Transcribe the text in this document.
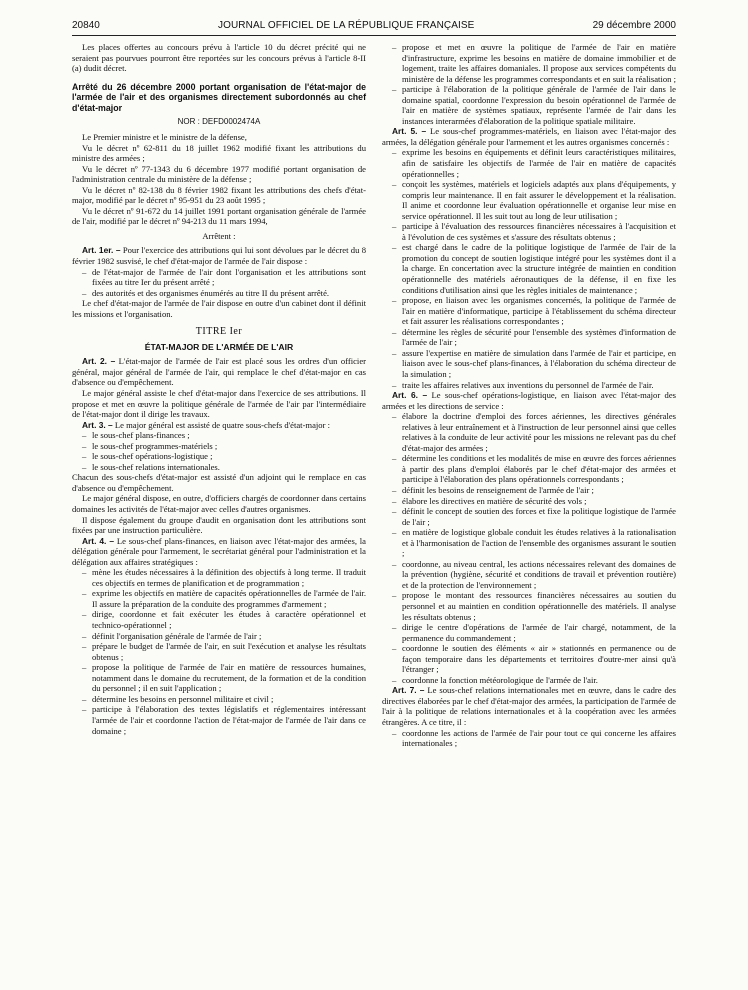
20840	JOURNAL OFFICIEL DE LA RÉPUBLIQUE FRANÇAISE	29 décembre 2000

Les places offertes au concours prévu à l'article 10 du décret précité qui ne seraient pas pourvues pourront être reportées sur les concours prévus à l'article 8-II (a) dudit décret.

Arrêté du 26 décembre 2000 portant organisation de l'état-major de l'armée de l'air et des organismes directement subordonnés au chef d'état-major

NOR : DEFD0002474A

Le Premier ministre et le ministre de la défense,

Vu le décret nº 62-811 du 18 juillet 1962 modifié fixant les attributions du ministre des armées ;

Vu le décret nº 77-1343 du 6 décembre 1977 modifié portant organisation de l'administration centrale du ministère de la défense ;

Vu le décret nº 82-138 du 8 février 1982 fixant les attributions des chefs d'état-major, modifié par le décret nº 95-951 du 23 août 1995 ;

Vu le décret nº 91-672 du 14 juillet 1991 portant organisation générale de l'armée de l'air, modifié par le décret nº 94-213 du 11 mars 1994,

Arrêtent :

Art. 1er. – Pour l'exercice des attributions qui lui sont dévolues par le décret du 8 février 1982 susvisé, le chef d'état-major de l'armée de l'air dispose :

– de l'état-major de l'armée de l'air dont l'organisation et les attributions sont fixées au titre Ier du présent arrêté ;
– des autorités et des organismes énumérés au titre II du présent arrêté.

Le chef d'état-major de l'armée de l'air dispose en outre d'un cabinet dont il définit les missions et l'organisation.

TITRE Ier

ÉTAT-MAJOR DE L'ARMÉE DE L'AIR

Art. 2. – L'état-major de l'armée de l'air est placé sous les ordres d'un officier général, major général de l'armée de l'air, qui remplace le chef d'état-major en cas d'absence ou d'empêchement.

Le major général assiste le chef d'état-major dans l'exercice de ses attributions. Il propose et met en œuvre la politique générale de l'armée de l'air par l'intermédiaire de l'état-major dont il dirige les travaux.

Art. 3. – Le major général est assisté de quatre sous-chefs d'état-major :

– le sous-chef plans-finances ;
– le sous-chef programmes-matériels ;
– le sous-chef opérations-logistique ;
– le sous-chef relations internationales.

Chacun des sous-chefs d'état-major est assisté d'un adjoint qui le remplace en cas d'absence ou d'empêchement.

Le major général dispose, en outre, d'officiers chargés de coordonner dans certains domaines les activités de l'état-major avec celles d'autres organismes.

Il dispose également du groupe d'audit en organisation dont les attributions sont fixées par une instruction particulière.

Art. 4. – Le sous-chef plans-finances, en liaison avec l'état-major des armées, la délégation générale pour l'armement, le secrétariat général pour l'administration et la délégation aux affaires stratégiques :

– mène les études nécessaires à la définition des objectifs à long terme. Il traduit ces objectifs en termes de planification et de programmation ;
– exprime les objectifs en matière de capacités opérationnelles de l'armée de l'air. Il assure la préparation de la conduite des programmes d'armement ;
– dirige, coordonne et fait exécuter les études à caractère opérationnel et technico-opérationnel ;
– définit l'organisation générale de l'armée de l'air ;
– prépare le budget de l'armée de l'air, en suit l'exécution et analyse les résultats obtenus ;
– propose la politique de l'armée de l'air en matière de ressources humaines, notamment dans le domaine du recrutement, de la formation et de la condition du personnel ; il en suit l'application ;
– détermine les besoins en personnel militaire et civil ;
– participe à l'élaboration des textes législatifs et réglementaires intéressant l'armée de l'air et coordonne l'action de l'état-major de l'armée de l'air dans ce domaine ;
– propose et met en œuvre la politique de l'armée de l'air en matière d'infrastructure, exprime les besoins en matière de domaine immobilier et de logement, traite les affaires domaniales. Il propose aux services compétents du ministère de la défense les programmes correspondants et en suit la réalisation ;
– participe à l'élaboration de la politique générale de l'armée de l'air dans le domaine spatial, coordonne l'expression du besoin opérationnel de l'armée de l'air en matière de systèmes spatiaux, représente l'armée de l'air dans les instances interarmées d'élaboration de la politique spatiale militaire.

Art. 5. – Le sous-chef programmes-matériels, en liaison avec l'état-major des armées, la délégation générale pour l'armement et les autres organismes concernés :

– exprime les besoins en équipements et définit leurs caractéristiques militaires, afin de satisfaire les objectifs de l'armée de l'air en matière de capacités opérationnelles ;
– conçoit les systèmes, matériels et logiciels adaptés aux plans d'équipements, y compris leur maintenance. Il en fait assurer le développement et la réalisation. Il anime et coordonne leur évaluation opérationnelle et organise leur mise en service opérationnel. Il les suit tout au long de leur utilisation ;
– participe à l'évaluation des ressources financières nécessaires à l'acquisition et à l'évolution de ces systèmes et s'assure des résultats obtenus ;
– est chargé dans le cadre de la politique logistique de l'armée de l'air de la promotion du concept de soutien logistique intégré pour les systèmes dont il a la charge. En concertation avec la structure intégrée de maintien en condition opérationnelle des matériels aéronautiques de la défense, il en fixe les conditions d'utilisation ainsi que les règles initiales de maintenance ;
– propose, en liaison avec les organismes concernés, la politique de l'armée de l'air en matière d'informatique, participe à l'établissement du schéma directeur et fait assurer les réalisations correspondantes ;
– détermine les règles de sécurité pour l'ensemble des systèmes d'information de l'armée de l'air ;
– assure l'expertise en matière de simulation dans l'armée de l'air et participe, en liaison avec le sous-chef plans-finances, à l'élaboration du schéma directeur de la simulation ;
– traite les affaires relatives aux inventions du personnel de l'armée de l'air.

Art. 6. – Le sous-chef opérations-logistique, en liaison avec l'état-major des armées et les directions de service :

– élabore la doctrine d'emploi des forces aériennes, les directives générales relatives à leur entraînement et à l'instruction de leur personnel ainsi que celles relatives à la conduite de leur activité pour les missions ne relevant pas du chef d'état-major des armées ;
– détermine les conditions et les modalités de mise en œuvre des forces aériennes à partir des plans d'emploi élaborés par le chef d'état-major des armées et participe à l'élaboration des plans opérationnels correspondants ;
– définit les besoins de renseignement de l'armée de l'air ;
– élabore les directives en matière de sécurité des vols ;
– définit le concept de soutien des forces et fixe la politique logistique de l'armée de l'air ;
– en matière de logistique globale conduit les études relatives à la rationalisation et à l'harmonisation de l'action de l'ensemble des organismes assurant le soutien ;
– coordonne, au niveau central, les actions nécessaires relevant des domaines de la prévention (hygiène, sécurité et conditions de travail et prévention routière) et de la protection de l'environnement ;
– propose le montant des ressources financières nécessaires au soutien du personnel et au maintien en condition opérationnelle des matériels. Il analyse les résultats obtenus ;
– dirige le centre d'opérations de l'armée de l'air chargé, notamment, de la permanence du commandement ;
– coordonne le soutien des éléments « air » stationnés en permanence ou de façon temporaire dans les départements et territoires d'outre-mer ainsi qu'à l'étranger ;
– coordonne la fonction météorologique de l'armée de l'air.

Art. 7. – Le sous-chef relations internationales met en œuvre, dans le cadre des directives élaborées par le chef d'état-major des armées, la participation de l'armée de l'air à la politique de relations internationales et à la coopération avec les armées étrangères. A ce titre, il :

– coordonne les actions de l'armée de l'air pour tout ce qui concerne les affaires internationales ;
